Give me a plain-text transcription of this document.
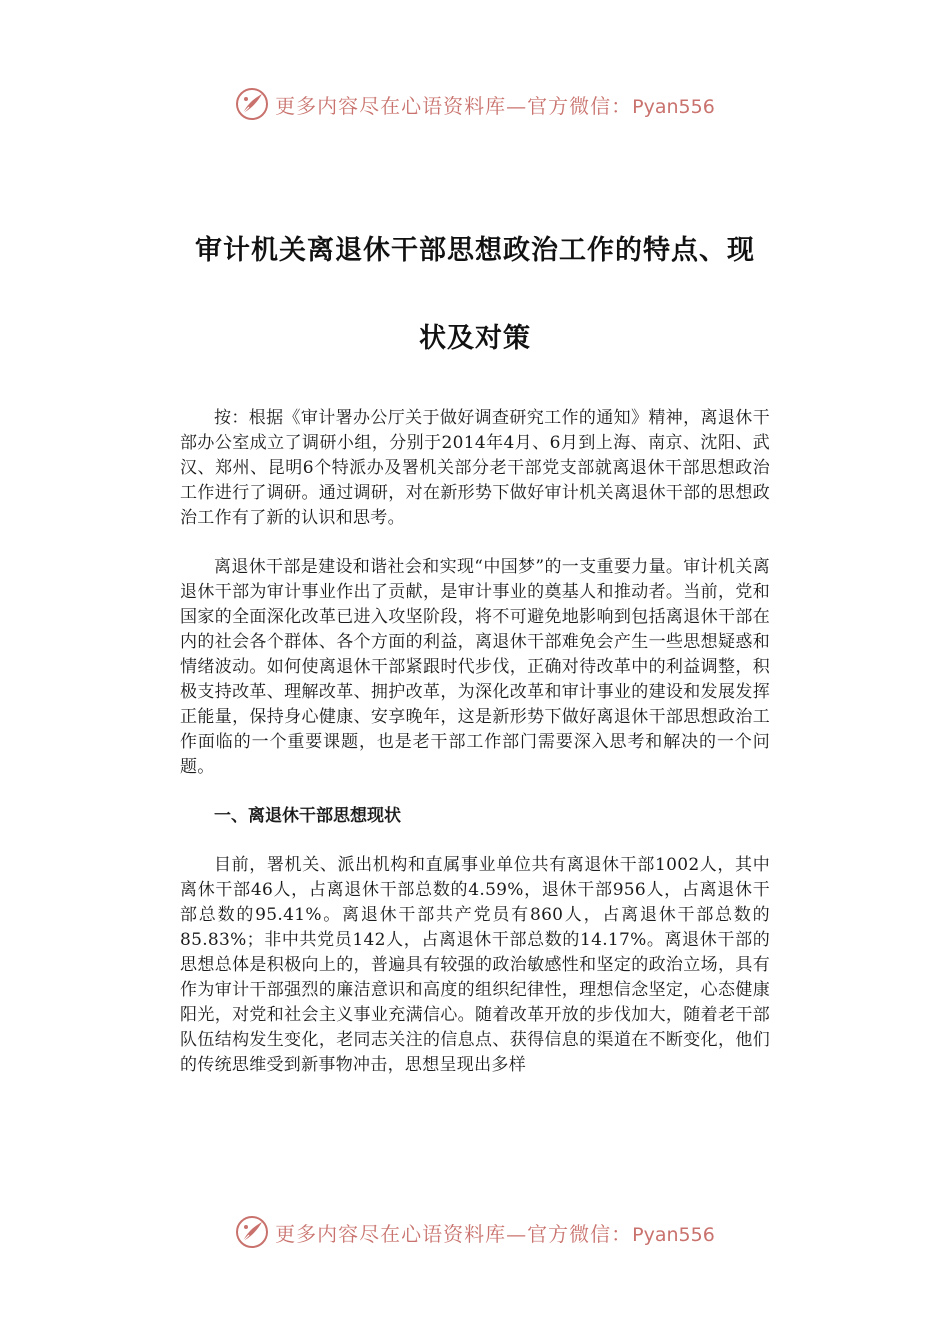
更多内容尽在心语资料库—官方微信：Pyan556
审计机关离退休干部思想政治工作的特点、现
状及对策

按：根据《审计署办公厅关于做好调查研究工作的通知》精神，离退休干部办公室成立了调研小组，分别于2014年4月、6月到上海、南京、沈阳、武汉、郑州、昆明6个特派办及署机关部分老干部党支部就离退休干部思想政治工作进行了调研。通过调研，对在新形势下做好审计机关离退休干部的思想政治工作有了新的认识和思考。

离退休干部是建设和谐社会和实现“中国梦”的一支重要力量。审计机关离退休干部为审计事业作出了贡献，是审计事业的奠基人和推动者。当前，党和国家的全面深化改革已进入攻坚阶段，将不可避免地影响到包括离退休干部在内的社会各个群体、各个方面的利益，离退休干部难免会产生一些思想疑惑和情绪波动。如何使离退休干部紧跟时代步伐，正确对待改革中的利益调整，积极支持改革、理解改革、拥护改革，为深化改革和审计事业的建设和发展发挥正能量，保持身心健康、安享晚年，这是新形势下做好离退休干部思想政治工作面临的一个重要课题，也是老干部工作部门需要深入思考和解决的一个问题。

一、离退休干部思想现状

目前，署机关、派出机构和直属事业单位共有离退休干部1002人，其中离休干部46人，占离退休干部总数的4.59%，退休干部956人，占离退休干部总数的95.41%。离退休干部共产党员有860人，占离退休干部总数的85.83%；非中共党员142人，占离退休干部总数的14.17%。离退休干部的思想总体是积极向上的，普遍具有较强的政治敏感性和坚定的政治立场，具有作为审计干部强烈的廉洁意识和高度的组织纪律性，理想信念坚定，心态健康阳光，对党和社会主义事业充满信心。随着改革开放的步伐加大，随着老干部队伍结构发生变化，老同志关注的信息点、获得信息的渠道在不断变化，他们的传统思维受到新事物冲击，思想呈现出多样

更多内容尽在心语资料库—官方微信：Pyan556
